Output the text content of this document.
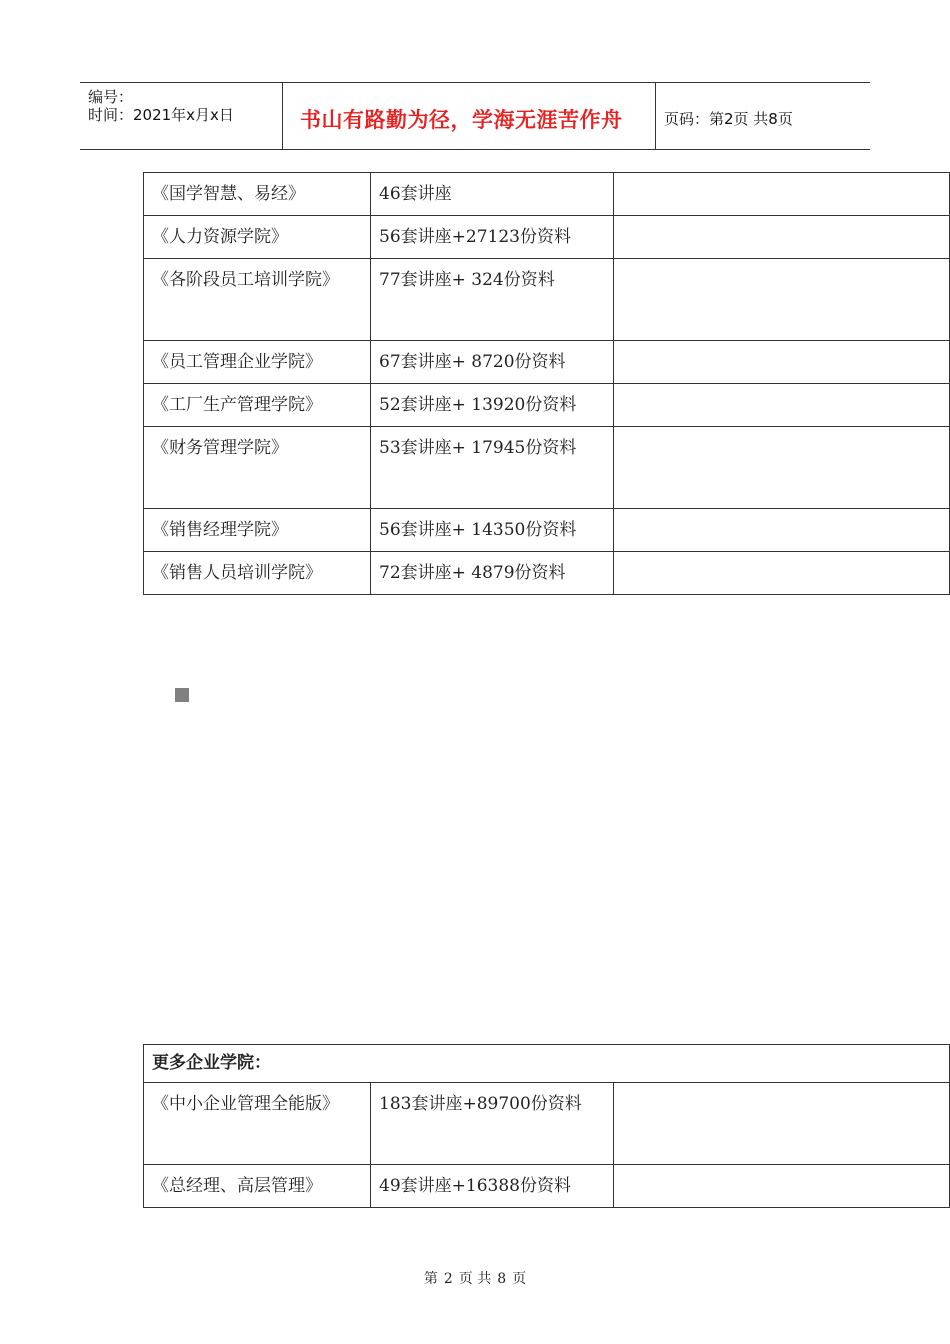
编号：
时间：2021年x月x日	书山有路勤为径，学海无涯苦作舟	页码：第2页 共8页
《国学智慧、易经》	46套讲座	
《人力资源学院》	56套讲座+27123份资料	
《各阶段员工培训学院》	77套讲座+ 324份资料	
《员工管理企业学院》	67套讲座+ 8720份资料	
《工厂生产管理学院》	52套讲座+ 13920份资料	
《财务管理学院》	53套讲座+ 17945份资料	
《销售经理学院》	56套讲座+ 14350份资料	
《销售人员培训学院》	72套讲座+ 4879份资料	
更多企业学院：		
《中小企业管理全能版》	183套讲座+89700份资料	
《总经理、高层管理》	49套讲座+16388份资料	
第 2 页 共 8 页
